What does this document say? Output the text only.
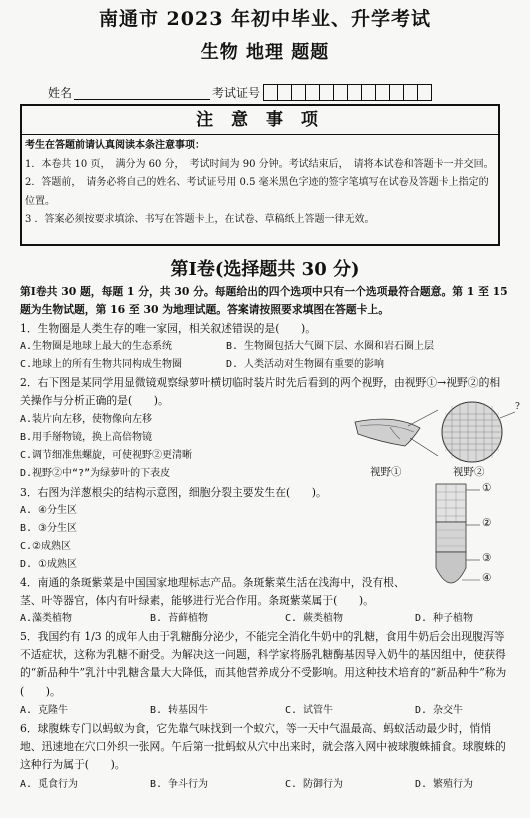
南通市 2023 年初中毕业、升学考试
生物 地理 题题
姓名	考试证号
注 意 事 项
考生在答题前请认真阅读本条注意事项：
1．本卷共 10 页，　满分为 60 分，　考试时间为 90 分钟。考试结束后，　请将本试卷和答题卡一并交回。
2．答题前，　请务必将自己的姓名、考试证号用 0.5 毫米黑色字迹的签字笔填写在试卷及答题卡上指定的位置。
3 ．答案必须按要求填涂、书写在答题卡上，在试卷、草稿纸上答题一律无效。
第Ⅰ卷(选择题共 30 分)
第Ⅰ卷共 30 题，每题 1 分，共 30 分。每题给出的四个选项中只有一个选项最符合题意。第 1 至 15 题为生物试题，第 16 至 30 为地理试题。答案请按照要求填图在答题卡上。
1．生物圈是人类生存的唯一家园，相关叙述错误的是(　　)。
A.生物圈是地球上最大的生态系统	B. 生物圈包括大气圈下层、水圈和岩石圈上层
C.地球上的所有生物共同构成生物圈	D. 人类活动对生物圈有重要的影响
2．右下图是某同学用显微镜观察绿萝叶横切临时装片时先后看到的两个视野，由视野①→视野②的相关操作与分析正确的是(　　)。
A.装片向左移，使物像向左移
B.用手掰物镜，换上高倍物镜
C.调节细准焦螺旋，可使视野②更清晰
D.视野②中“?”为绿萝叶的下表皮
?
视野①	视野②
3．右图为洋葱根尖的结构示意图，细胞分裂主要发生在(　　)。
A. ④分生区
B. ③分生区
C.②成熟区
D. ①成熟区
①
②
③
④
4．南通的条斑紫菜是中国国家地理标志产品。条斑紫菜生活在浅海中，没有根、茎、叶等器官，体内有叶绿素，能够进行光合作用。条斑紫菜属于(　　)。
A.藻类植物	B. 苔藓植物	C. 蕨类植物	D. 种子植物
5．我国约有 1/3 的成年人由于乳糖酶分泌少，不能完全消化牛奶中的乳糖，食用牛奶后会出现腹泻等不适症状，这称为乳糖不耐受。为解决这一问题，科学家将肠乳糖酶基因导入奶牛的基因组中，使获得的“新品种牛”乳汁中乳糖含量大大降低，而其他营养成分不受影响。用这种技术培育的“新品种牛”称为(　　)。
A. 克隆牛	B. 转基因牛	C. 试管牛	D. 杂交牛
6．球腹蛛专门以蚂蚁为食，它先靠气味找到一个蚁穴，等一天中气温最高、蚂蚁活动最少时，悄悄地、迅速地在穴口外织一张网。午后第一批蚂蚁从穴中出来时，就会落入网中被球腹蛛捕食。球腹蛛的这种行为属于(　　)。
A. 觅食行为	B. 争斗行为	C. 防御行为	D. 繁殖行为
